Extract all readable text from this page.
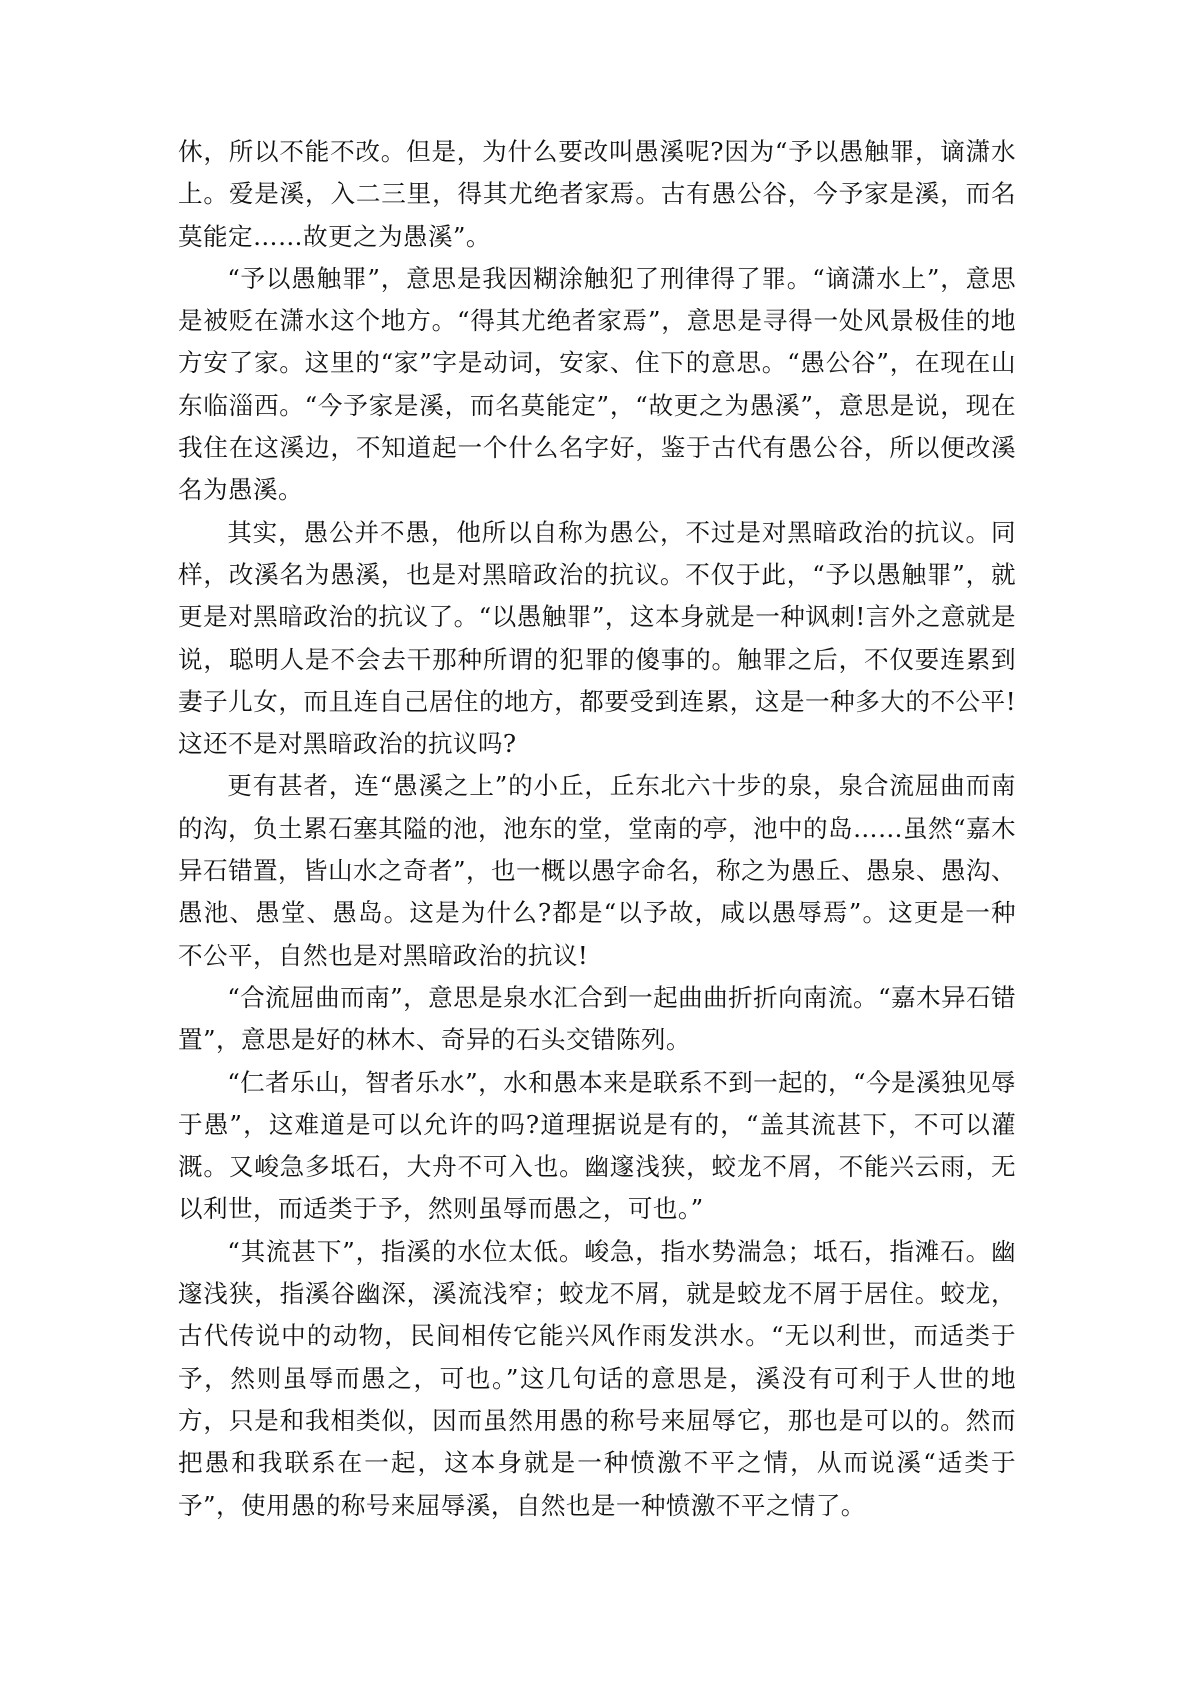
休，所以不能不改。但是，为什么要改叫愚溪呢?因为“予以愚触罪，谪潇水上。爱是溪，入二三里，得其尤绝者家焉。古有愚公谷，今予家是溪，而名莫能定……故更之为愚溪”。

“予以愚触罪”，意思是我因糊涂触犯了刑律得了罪。“谪潇水上”，意思是被贬在潇水这个地方。“得其尤绝者家焉”，意思是寻得一处风景极佳的地方安了家。这里的“家”字是动词，安家、住下的意思。“愚公谷”，在现在山东临淄西。“今予家是溪，而名莫能定”，“故更之为愚溪”，意思是说，现在我住在这溪边，不知道起一个什么名字好，鉴于古代有愚公谷，所以便改溪名为愚溪。

其实，愚公并不愚，他所以自称为愚公，不过是对黑暗政治的抗议。同样，改溪名为愚溪，也是对黑暗政治的抗议。不仅于此，“予以愚触罪”，就更是对黑暗政治的抗议了。“以愚触罪”，这本身就是一种讽刺!言外之意就是说，聪明人是不会去干那种所谓的犯罪的傻事的。触罪之后，不仅要连累到妻子儿女，而且连自己居住的地方，都要受到连累，这是一种多大的不公平!这还不是对黑暗政治的抗议吗?

更有甚者，连“愚溪之上”的小丘，丘东北六十步的泉，泉合流屈曲而南的沟，负土累石塞其隘的池，池东的堂，堂南的亭，池中的岛……虽然“嘉木异石错置，皆山水之奇者”，也一概以愚字命名，称之为愚丘、愚泉、愚沟、愚池、愚堂、愚岛。这是为什么?都是“以予故，咸以愚辱焉”。这更是一种不公平，自然也是对黑暗政治的抗议!

“合流屈曲而南”，意思是泉水汇合到一起曲曲折折向南流。“嘉木异石错置”，意思是好的林木、奇异的石头交错陈列。

“仁者乐山，智者乐水”，水和愚本来是联系不到一起的，“今是溪独见辱于愚”，这难道是可以允许的吗?道理据说是有的，“盖其流甚下，不可以灌溉。又峻急多坻石，大舟不可入也。幽邃浅狭，蛟龙不屑，不能兴云雨，无以利世，而适类于予，然则虽辱而愚之，可也。”

“其流甚下”，指溪的水位太低。峻急，指水势湍急；坻石，指滩石。幽邃浅狭，指溪谷幽深，溪流浅窄；蛟龙不屑，就是蛟龙不屑于居住。蛟龙，古代传说中的动物，民间相传它能兴风作雨发洪水。“无以利世，而适类于予，然则虽辱而愚之，可也。”这几句话的意思是，溪没有可利于人世的地方，只是和我相类似，因而虽然用愚的称号来屈辱它，那也是可以的。然而把愚和我联系在一起，这本身就是一种愤激不平之情，从而说溪“适类于予”，使用愚的称号来屈辱溪，自然也是一种愤激不平之情了。
